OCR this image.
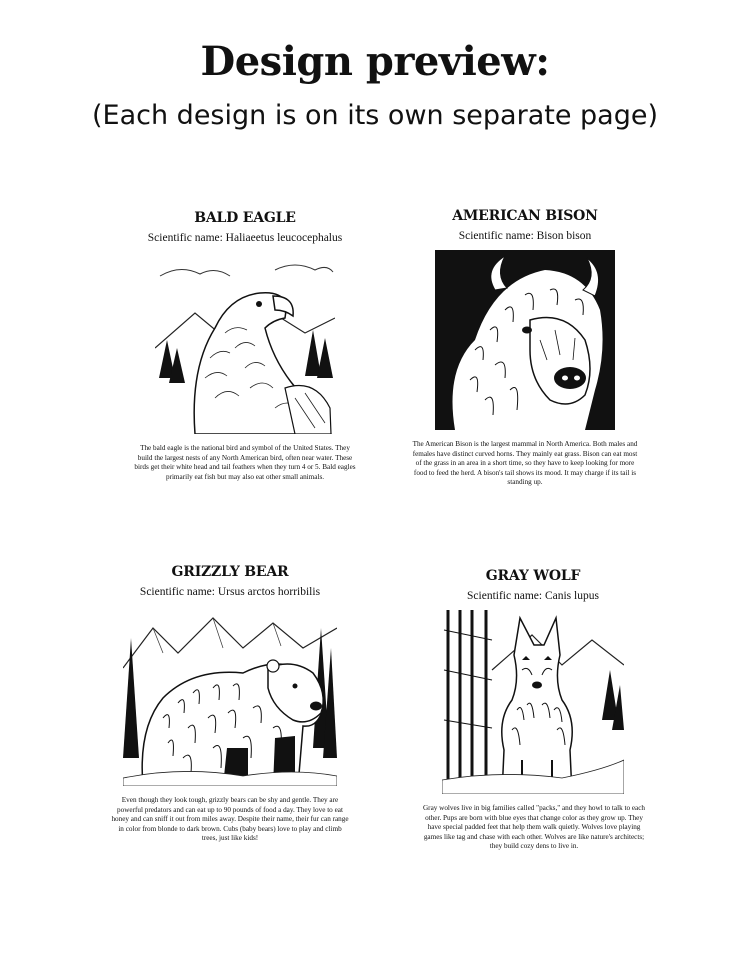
Design preview:
(Each design is on its own separate page)
BALD EAGLE
Scientific name: Haliaeetus leucocephalus
The bald eagle is the national bird and symbol of the United States. They build the largest nests of any North American bird, often near water. These birds get their white head and tail feathers when they turn 4 or 5. Bald eagles primarily eat fish but may also eat other small animals.
AMERICAN BISON
Scientific name: Bison bison
The American Bison is the largest mammal in North America. Both males and females have distinct curved horns. They mainly eat grass. Bison can eat most of the grass in an area in a short time, so they have to keep looking for more food to feed the herd. A bison's tail shows its mood. It may charge if its tail is standing up.
GRIZZLY BEAR
Scientific name: Ursus arctos horribilis
Even though they look tough, grizzly bears can be shy and gentle. They are powerful predators and can eat up to 90 pounds of food a day. They love to eat honey and can sniff it out from miles away. Despite their name, their fur can range in color from blonde to dark brown. Cubs (baby bears) love to play and climb trees, just like kids!
GRAY WOLF
Scientific name: Canis lupus
Gray wolves live in big families called "packs," and they howl to talk to each other. Pups are born with blue eyes that change color as they grow up. They have special padded feet that help them walk quietly. Wolves love playing games like tag and chase with each other. Wolves are like nature's architects; they build cozy dens to live in.
